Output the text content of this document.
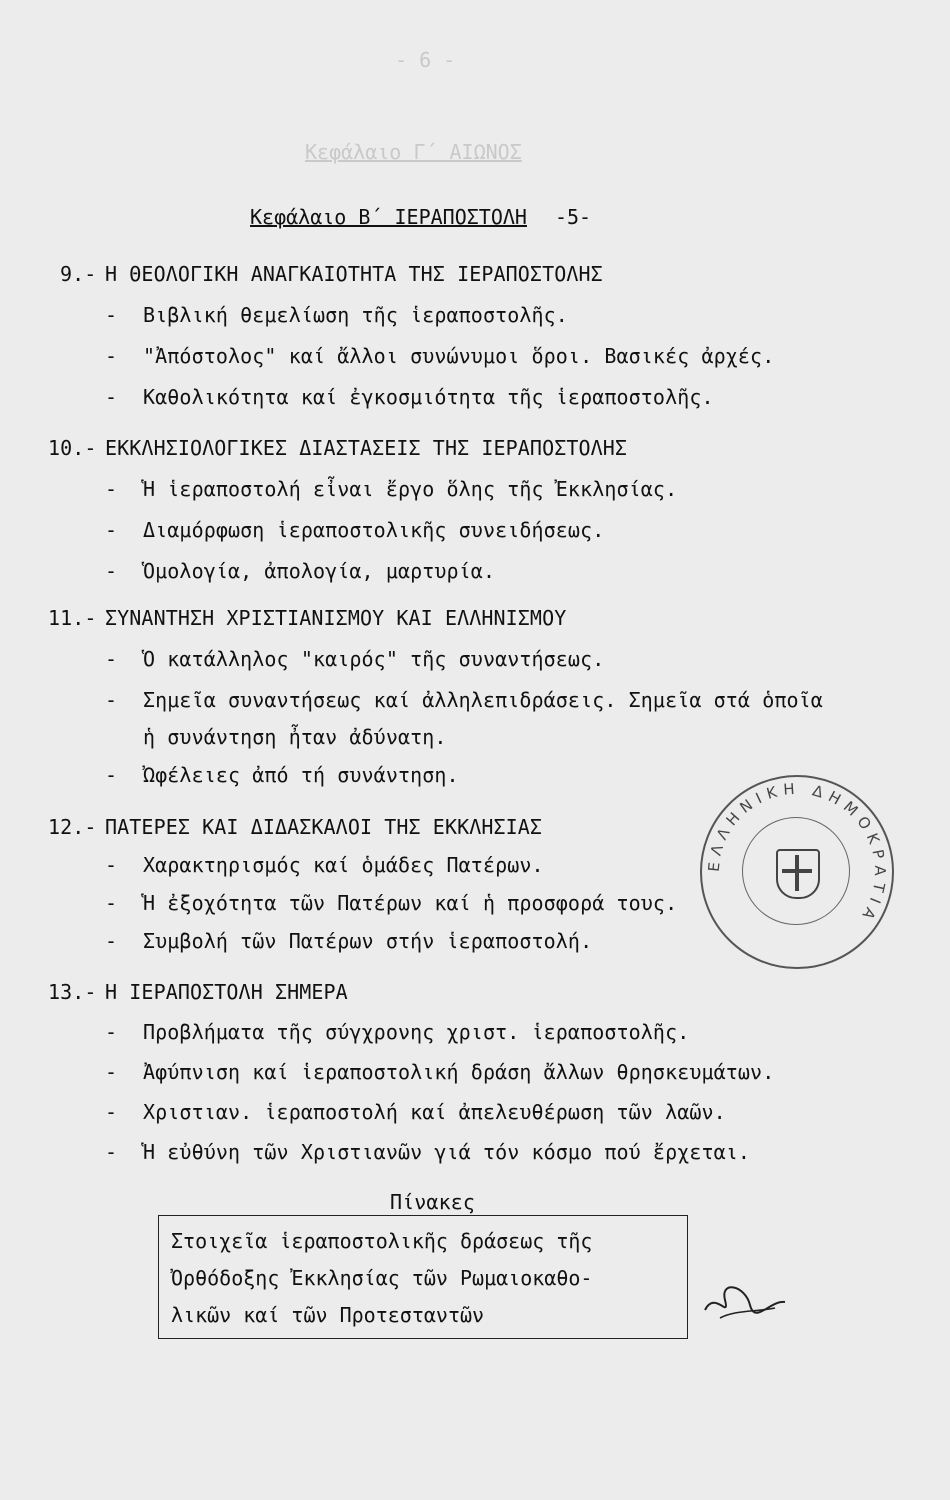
- 6 -
Κεφάλαιο Γ΄ ΑΙΩΝΟΣ
Κεφάλαιο Β΄ ΙΕΡΑΠΟΣΤΟΛΗ -5-
9.- Η ΘΕΟΛΟΓΙΚΗ ΑΝΑΓΚΑΙΟΤΗΤΑ ΤΗΣ ΙΕΡΑΠΟΣΤΟΛΗΣ
- Βιβλική θεμελίωση τῆς ἱεραποστολῆς.
- "Ἀπόστολος" καί ἄλλοι συνώνυμοι ὅροι. Βασικές ἀρχές.
- Καθολικότητα καί ἐγκοσμιότητα τῆς ἱεραποστολῆς.
10.- ΕΚΚΛΗΣΙΟΛΟΓΙΚΕΣ ΔΙΑΣΤΑΣΕΙΣ ΤΗΣ ΙΕΡΑΠΟΣΤΟΛΗΣ
- Ἡ ἱεραποστολή εἶναι ἔργο ὅλης τῆς Ἐκκλησίας.
- Διαμόρφωση ἱεραποστολικῆς συνειδήσεως.
- Ὁμολογία, ἀπολογία, μαρτυρία.
11.- ΣΥΝΑΝΤΗΣΗ ΧΡΙΣΤΙΑΝΙΣΜΟΥ ΚΑΙ ΕΛΛΗΝΙΣΜΟΥ
- Ὁ κατάλληλος "καιρός" τῆς συναντήσεως.
- Σημεῖα συναντήσεως καί ἀλληλεπιδράσεις. Σημεῖα στά ὁποῖα
ἡ συνάντηση ἦταν ἀδύνατη.
- Ὠφέλειες ἀπό τή συνάντηση.
12.- ΠΑΤΕΡΕΣ ΚΑΙ ΔΙΔΑΣΚΑΛΟΙ ΤΗΣ ΕΚΚΛΗΣΙΑΣ
- Χαρακτηρισμός καί ὁμάδες Πατέρων.
- Ἡ ἐξοχότητα τῶν Πατέρων καί ἡ προσφορά τους.
- Συμβολή τῶν Πατέρων στήν ἱεραποστολή.
13.- Η ΙΕΡΑΠΟΣΤΟΛΗ ΣΗΜΕΡΑ
- Προβλήματα τῆς σύγχρονης χριστ. ἱεραποστολῆς.
- Ἀφύπνιση καί ἱεραποστολική δράση ἄλλων θρησκευμάτων.
- Χριστιαν. ἱεραποστολή καί ἀπελευθέρωση τῶν λαῶν.
- Ἡ εὐθύνη τῶν Χριστιανῶν γιά τόν κόσμο πού ἔρχεται.
Πίνακες
Στοιχεῖα ἱεραποστολικῆς δράσεως τῆς
Ὀρθόδοξης Ἐκκλησίας τῶν Ρωμαιοκαθο-
λικῶν καί τῶν Προτεσταντῶν
ΕΛΛΗΝΙΚΗ ΔΗΜΟΚΡΑΤΙΑ
